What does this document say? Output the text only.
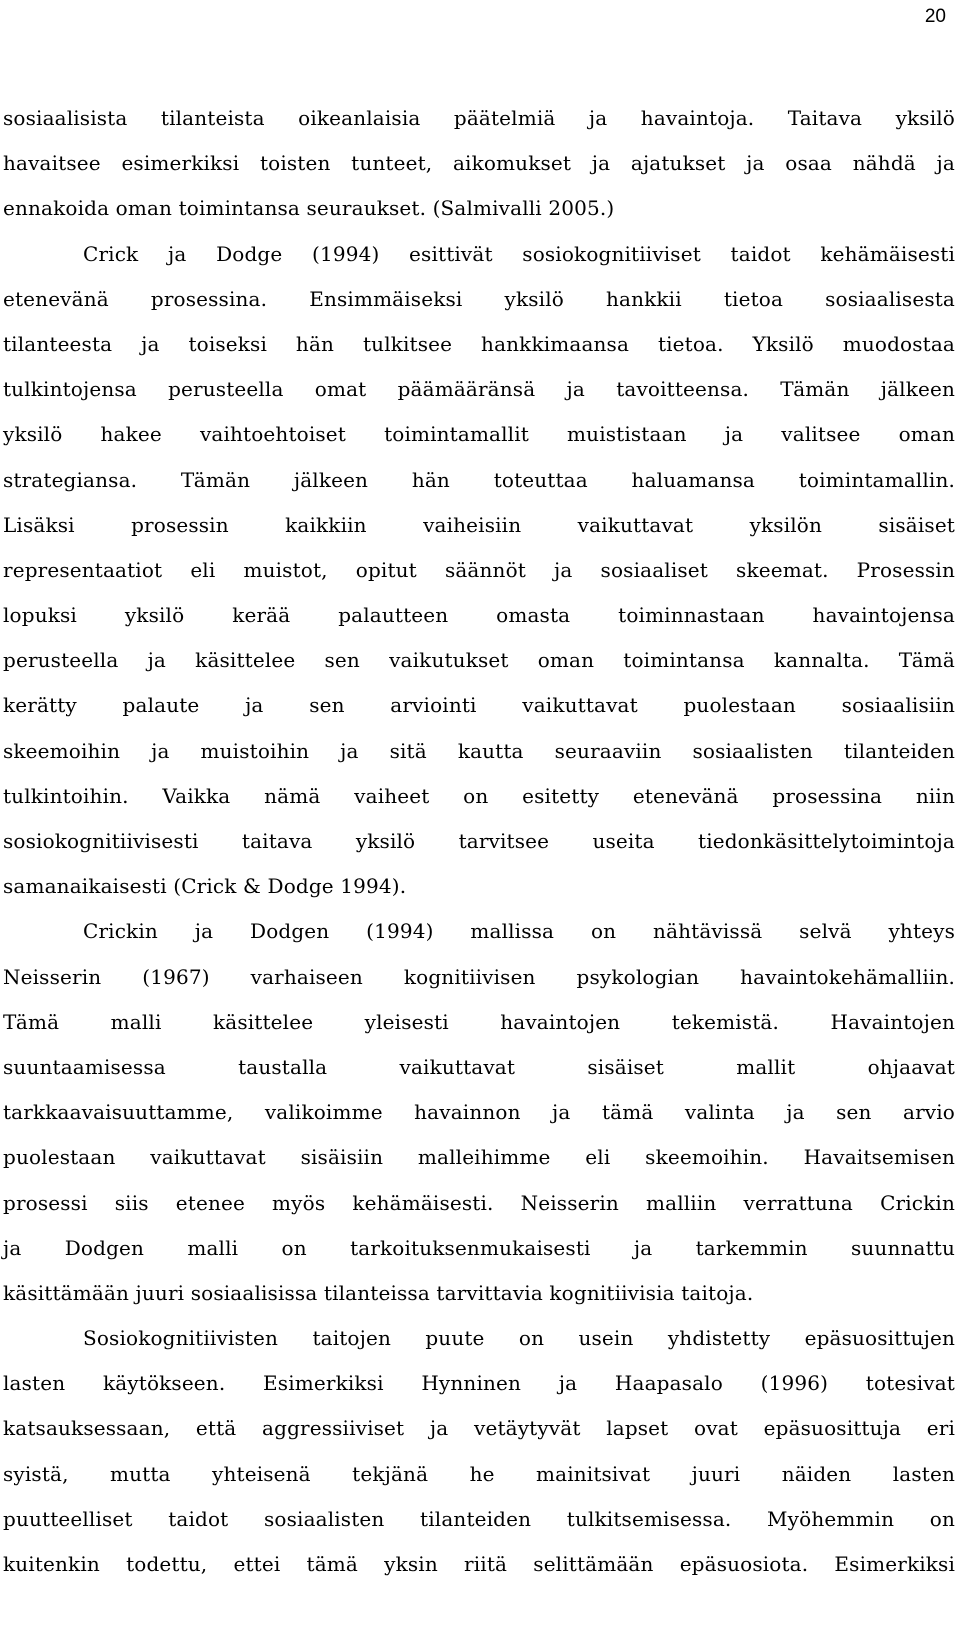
20
sosiaalisista tilanteista oikeanlaisia päätelmiä ja havaintoja. Taitava yksilö
havaitsee esimerkiksi toisten tunteet, aikomukset ja ajatukset ja osaa nähdä ja
ennakoida oman toimintansa seuraukset. (Salmivalli 2005.)
Crick ja Dodge (1994) esittivät sosiokognitiiviset taidot kehämäisesti
etenevänä prosessina. Ensimmäiseksi yksilö hankkii tietoa sosiaalisesta
tilanteesta ja toiseksi hän tulkitsee hankkimaansa tietoa. Yksilö muodostaa
tulkintojensa perusteella omat päämääränsä ja tavoitteensa. Tämän jälkeen
yksilö hakee vaihtoehtoiset toimintamallit muististaan ja valitsee oman
strategiansa. Tämän jälkeen hän toteuttaa haluamansa toimintamallin.
Lisäksi prosessin kaikkiin vaiheisiin vaikuttavat yksilön sisäiset
representaatiot eli muistot, opitut säännöt ja sosiaaliset skeemat. Prosessin
lopuksi yksilö kerää palautteen omasta toiminnastaan havaintojensa
perusteella ja käsittelee sen vaikutukset oman toimintansa kannalta. Tämä
kerätty palaute ja sen arviointi vaikuttavat puolestaan sosiaalisiin
skeemoihin ja muistoihin ja sitä kautta seuraaviin sosiaalisten tilanteiden
tulkintoihin. Vaikka nämä vaiheet on esitetty etenevänä prosessina niin
sosiokognitiivisesti taitava yksilö tarvitsee useita tiedonkäsittelytoimintoja
samanaikaisesti (Crick & Dodge 1994).
Crickin ja Dodgen (1994) mallissa on nähtävissä selvä yhteys
Neisserin (1967) varhaiseen kognitiivisen psykologian havaintokehämalliin.
Tämä malli käsittelee yleisesti havaintojen tekemistä. Havaintojen
suuntaamisessa taustalla vaikuttavat sisäiset mallit ohjaavat
tarkkaavaisuuttamme, valikoimme havainnon ja tämä valinta ja sen arvio
puolestaan vaikuttavat sisäisiin malleihimme eli skeemoihin. Havaitsemisen
prosessi siis etenee myös kehämäisesti. Neisserin malliin verrattuna Crickin
ja Dodgen malli on tarkoituksenmukaisesti ja tarkemmin suunnattu
käsittämään juuri sosiaalisissa tilanteissa tarvittavia kognitiivisia taitoja.
Sosiokognitiivisten taitojen puute on usein yhdistetty epäsuosittujen
lasten käytökseen. Esimerkiksi Hynninen ja Haapasalo (1996) totesivat
katsauksessaan, että aggressiiviset ja vetäytyvät lapset ovat epäsuosittuja eri
syistä, mutta yhteisenä tekjänä he mainitsivat juuri näiden lasten
puutteelliset taidot sosiaalisten tilanteiden tulkitsemisessa. Myöhemmin on
kuitenkin todettu, ettei tämä yksin riitä selittämään epäsuosiota. Esimerkiksi
